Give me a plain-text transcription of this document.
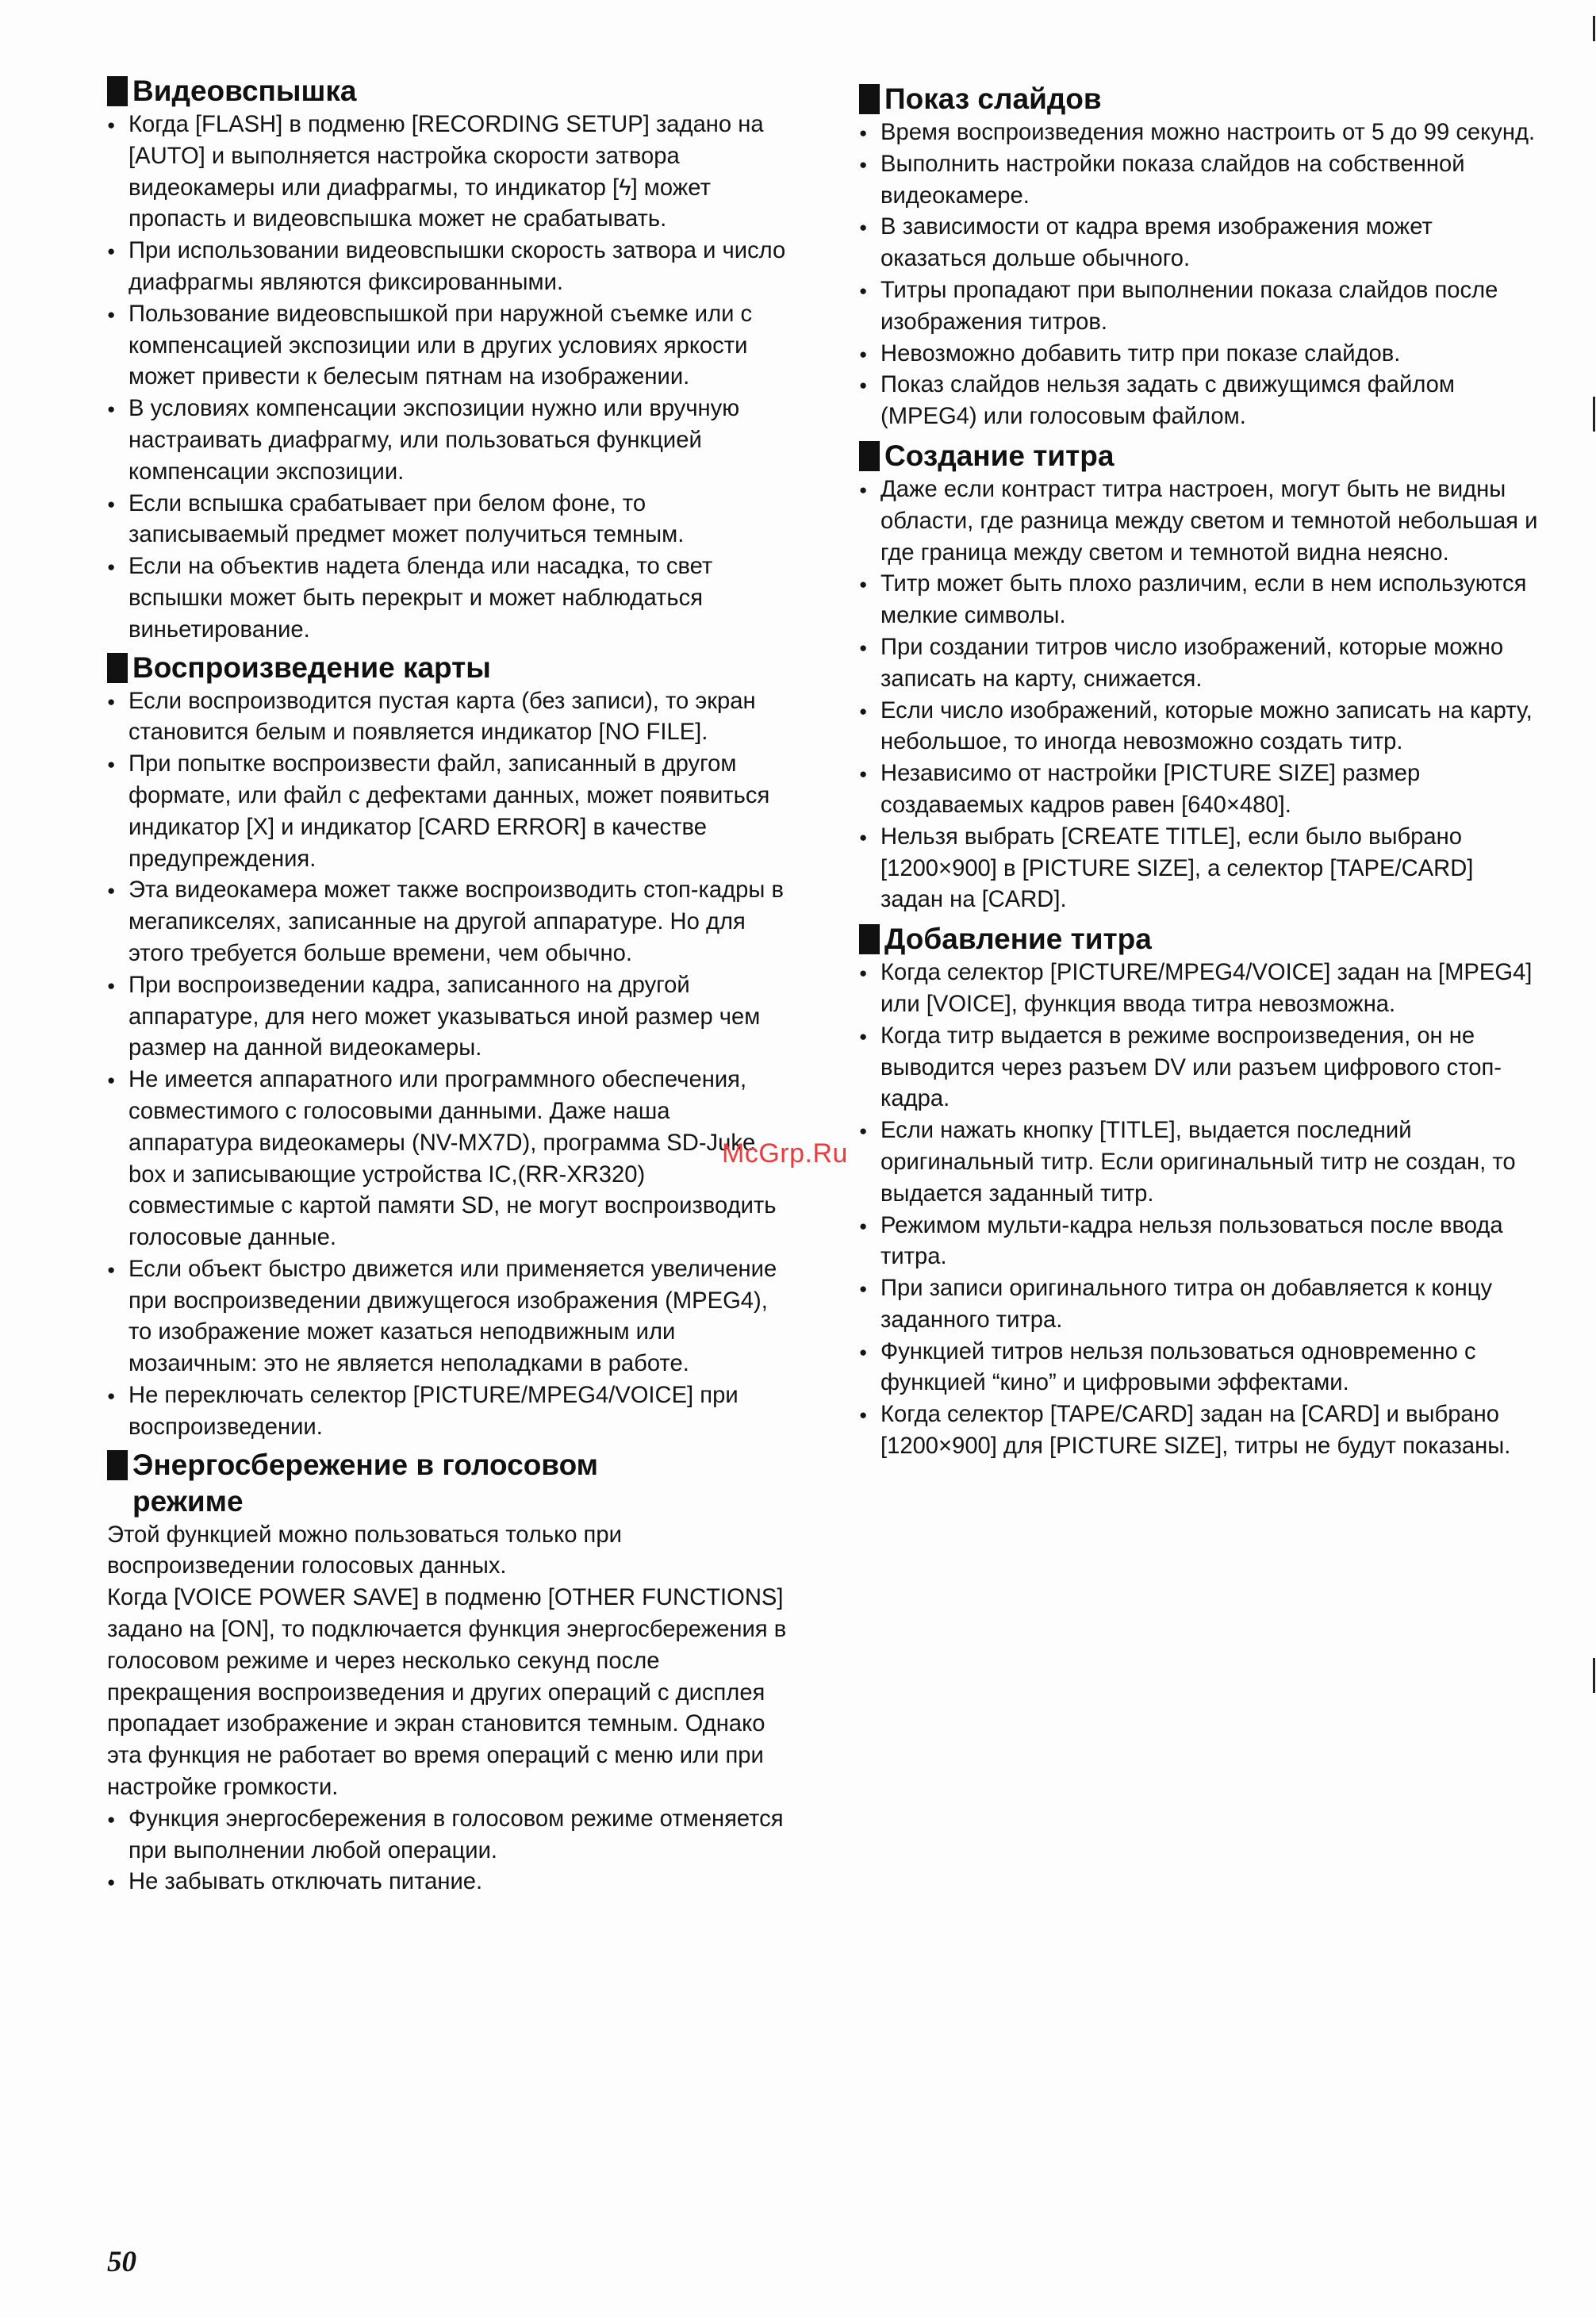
Видеовспышка
● Когда [FLASH] в подменю [RECORDING SETUP] задано на [AUTO] и выполняется настройка скорости затвора видеокамеры или диафрагмы, то индикатор [ϟ] может пропасть и видеовспышка может не срабатывать.
● При использовании видеовспышки скорость затвора и число диафрагмы являются фиксированными.
● Пользование видеовспышкой при наружной съемке или с компенсацией экспозиции или в других условиях яркости может привести к белесым пятнам на изображении.
● В условиях компенсации экспозиции нужно или вручную настраивать диафрагму, или пользоваться функцией компенсации экспозиции.
● Если вспышка срабатывает при белом фоне, то записываемый предмет может получиться темным.
● Если на объектив надета бленда или насадка, то свет вспышки может быть перекрыт и может наблюдаться виньетирование.
Воспроизведение карты
● Если воспроизводится пустая карта (без записи), то экран становится белым и появляется индикатор [NO FILE].
● При попытке воспроизвести файл, записанный в другом формате, или файл с дефектами данных, может появиться индикатор [X] и индикатор [CARD ERROR] в качестве предупреждения.
● Эта видеокамера может также воспроизводить стоп-кадры в мегапикселях, записанные на другой аппаратуре. Но для этого требуется больше времени, чем обычно.
● При воспроизведении кадра, записанного на другой аппаратуре, для него может указываться иной размер чем размер на данной видеокамеры.
● Не имеется аппаратного или программного обеспечения, совместимого с голосовыми данными. Даже наша аппаратура видеокамеры (NV-MX7D), программа SD-Juke box и записывающие устройства IC,(RR-XR320) совместимые с картой памяти SD, не могут воспроизводить голосовые данные.
● Если объект быстро движется или применяется увеличение при воспроизведении движущегося изображения (MPEG4), то изображение может казаться неподвижным или мозаичным: это не является неполадками в работе.
● Не переключать селектор [PICTURE/MPEG4/VOICE] при воспроизведении.
Энергосбережение в голосовом режиме

Этой функцией можно пользоваться только при воспроизведении голосовых данных.

Когда [VOICE POWER SAVE] в подменю [OTHER FUNCTIONS] задано на [ON], то подключается функция энергосбережения в голосовом режиме и через несколько секунд после прекращения воспроизведения и других операций с дисплея пропадает изображение и экран становится темным. Однако эта функция не работает во время операций с меню или при настройке громкости.

● Функция энергосбережения в голосовом режиме отменяется при выполнении любой операции.
● Не забывать отключать питание.
Показ слайдов
● Время воспроизведения можно настроить от 5 до 99 секунд.
● Выполнить настройки показа слайдов на собственной видеокамере.
● В зависимости от кадра время изображения может оказаться дольше обычного.
● Титры пропадают при выполнении показа слайдов после изображения титров.
● Невозможно добавить титр при показе слайдов.
● Показ слайдов нельзя задать с движущимся файлом (MPEG4) или голосовым файлом.
Создание титра
● Даже если контраст титра настроен, могут быть не видны области, где разница между светом и темнотой небольшая и где граница между светом и темнотой видна неясно.
● Титр может быть плохо различим, если в нем используются мелкие символы.
● При создании титров число изображений, которые можно записать на карту, снижается.
● Если число изображений, которые можно записать на карту, небольшое, то иногда невозможно создать титр.
● Независимо от настройки [PICTURE SIZE] размер создаваемых кадров равен [640×480].
● Нельзя выбрать [CREATE TITLE], если было выбрано [1200×900] в [PICTURE SIZE], а селектор [TAPE/CARD] задан на [CARD].
Добавление титра
● Когда селектор [PICTURE/MPEG4/VOICE] задан на [MPEG4] или [VOICE], функция ввода титра невозможна.
● Когда титр выдается в режиме воспроизведения, он не выводится через разъем DV или разъем цифрового стоп-кадра.
● Если нажать кнопку [TITLE], выдается последний оригинальный титр. Если оригинальный титр не создан, то выдается заданный титр.
● Режимом мульти-кадра нельзя пользоваться после ввода титра.
● При записи оригинального титра он добавляется к концу заданного титра.
● Функцией титров нельзя пользоваться одновременно с функцией “кино” и цифровыми эффектами.
● Когда селектор [TAPE/CARD] задан на [CARD] и выбрано [1200×900] для [PICTURE SIZE], титры не будут показаны.
McGrp.Ru
50
